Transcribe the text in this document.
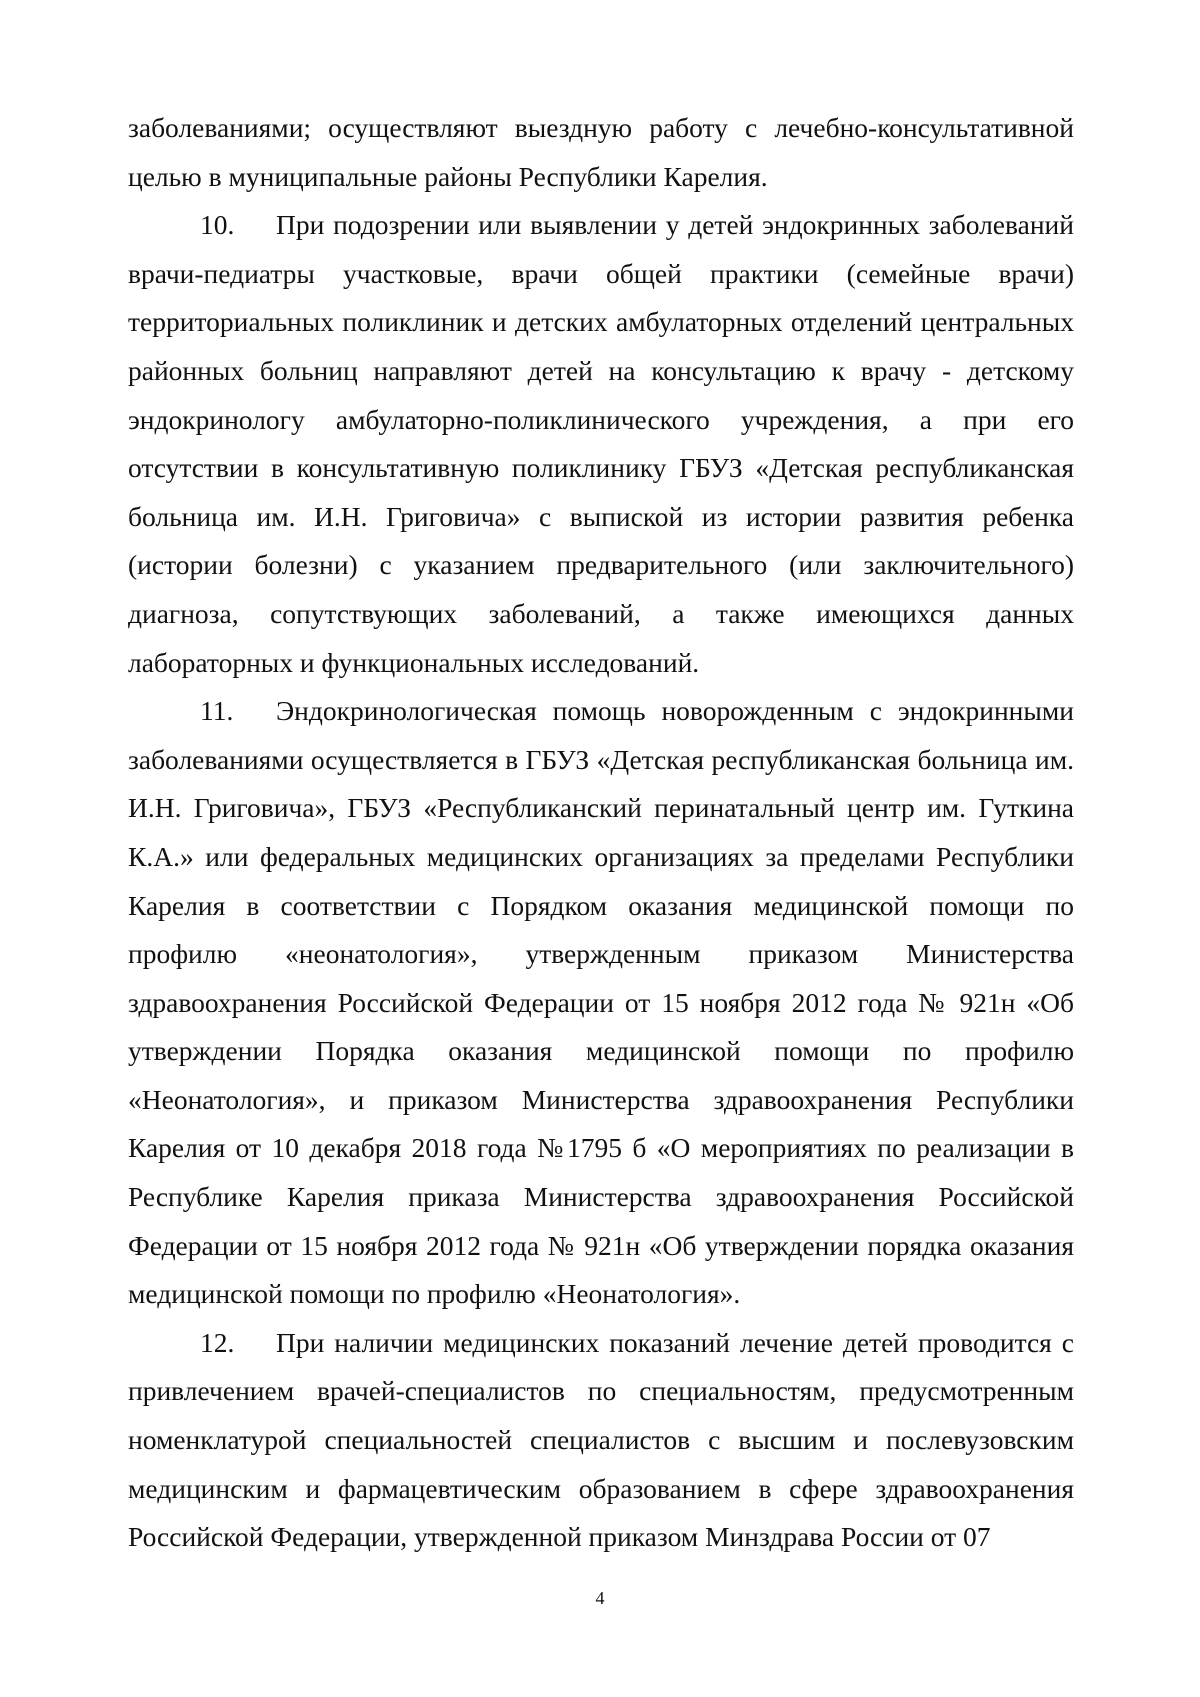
заболеваниями; осуществляют выездную работу с лечебно-консультативной целью в муниципальные районы Республики Карелия.

10. При подозрении или выявлении у детей эндокринных заболеваний врачи-педиатры участковые, врачи общей практики (семейные врачи) территориальных поликлиник и детских амбулаторных отделений центральных районных больниц направляют детей на консультацию к врачу - детскому эндокринологу амбулаторно-поликлинического учреждения, а при его отсутствии в консультативную поликлинику ГБУЗ «Детская республиканская больница им. И.Н. Григовича» с выпиской из истории развития ребенка (истории болезни) с указанием предварительного (или заключительного) диагноза, сопутствующих заболеваний, а также имеющихся данных лабораторных и функциональных исследований.

11. Эндокринологическая помощь новорожденным с эндокринными заболеваниями осуществляется в ГБУЗ «Детская республиканская больница им. И.Н. Григовича», ГБУЗ «Республиканский перинатальный центр им. Гуткина К.А.» или федеральных медицинских организациях за пределами Республики Карелия в соответствии с Порядком оказания медицинской помощи по профилю «неонатология», утвержденным приказом Министерства здравоохранения Российской Федерации от 15 ноября 2012 года № 921н «Об утверждении Порядка оказания медицинской помощи по профилю «Неонатология», и приказом Министерства здравоохранения Республики Карелия от 10 декабря 2018 года №1795 б «О мероприятиях по реализации в Республике Карелия приказа Министерства здравоохранения Российской Федерации от 15 ноября 2012 года № 921н «Об утверждении порядка оказания медицинской помощи по профилю «Неонатология».

12. При наличии медицинских показаний лечение детей проводится с привлечением врачей-специалистов по специальностям, предусмотренным номенклатурой специальностей специалистов с высшим и послевузовским медицинским и фармацевтическим образованием в сфере здравоохранения Российской Федерации, утвержденной приказом Минздрава России от 07

4
